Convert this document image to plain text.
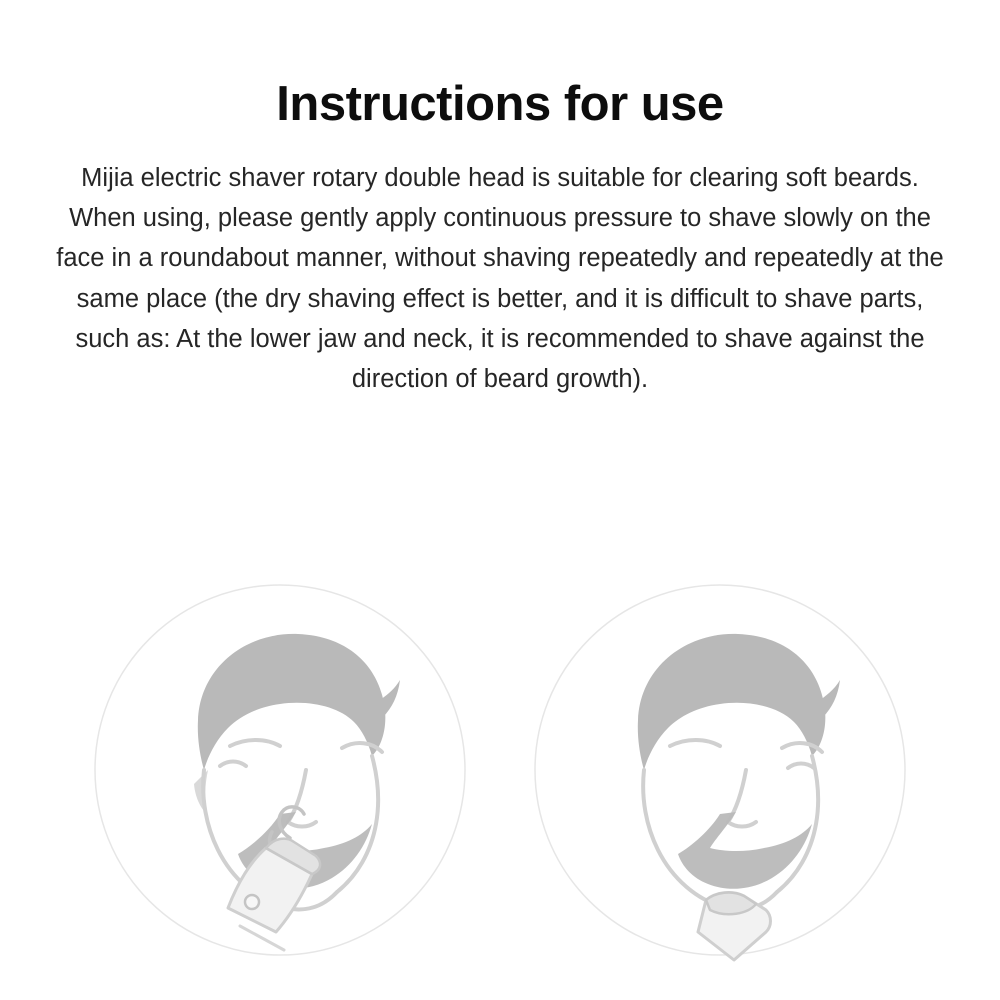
Instructions for use

Mijia electric shaver rotary double head is suitable for clearing soft beards. When using, please gently apply continuous pressure to shave slowly on the face in a roundabout manner, without shaving repeatedly and repeatedly at the same place (the dry shaving effect is better, and it is difficult to shave parts, such as: At the lower jaw and neck, it is recommended to shave against the direction of beard growth).
